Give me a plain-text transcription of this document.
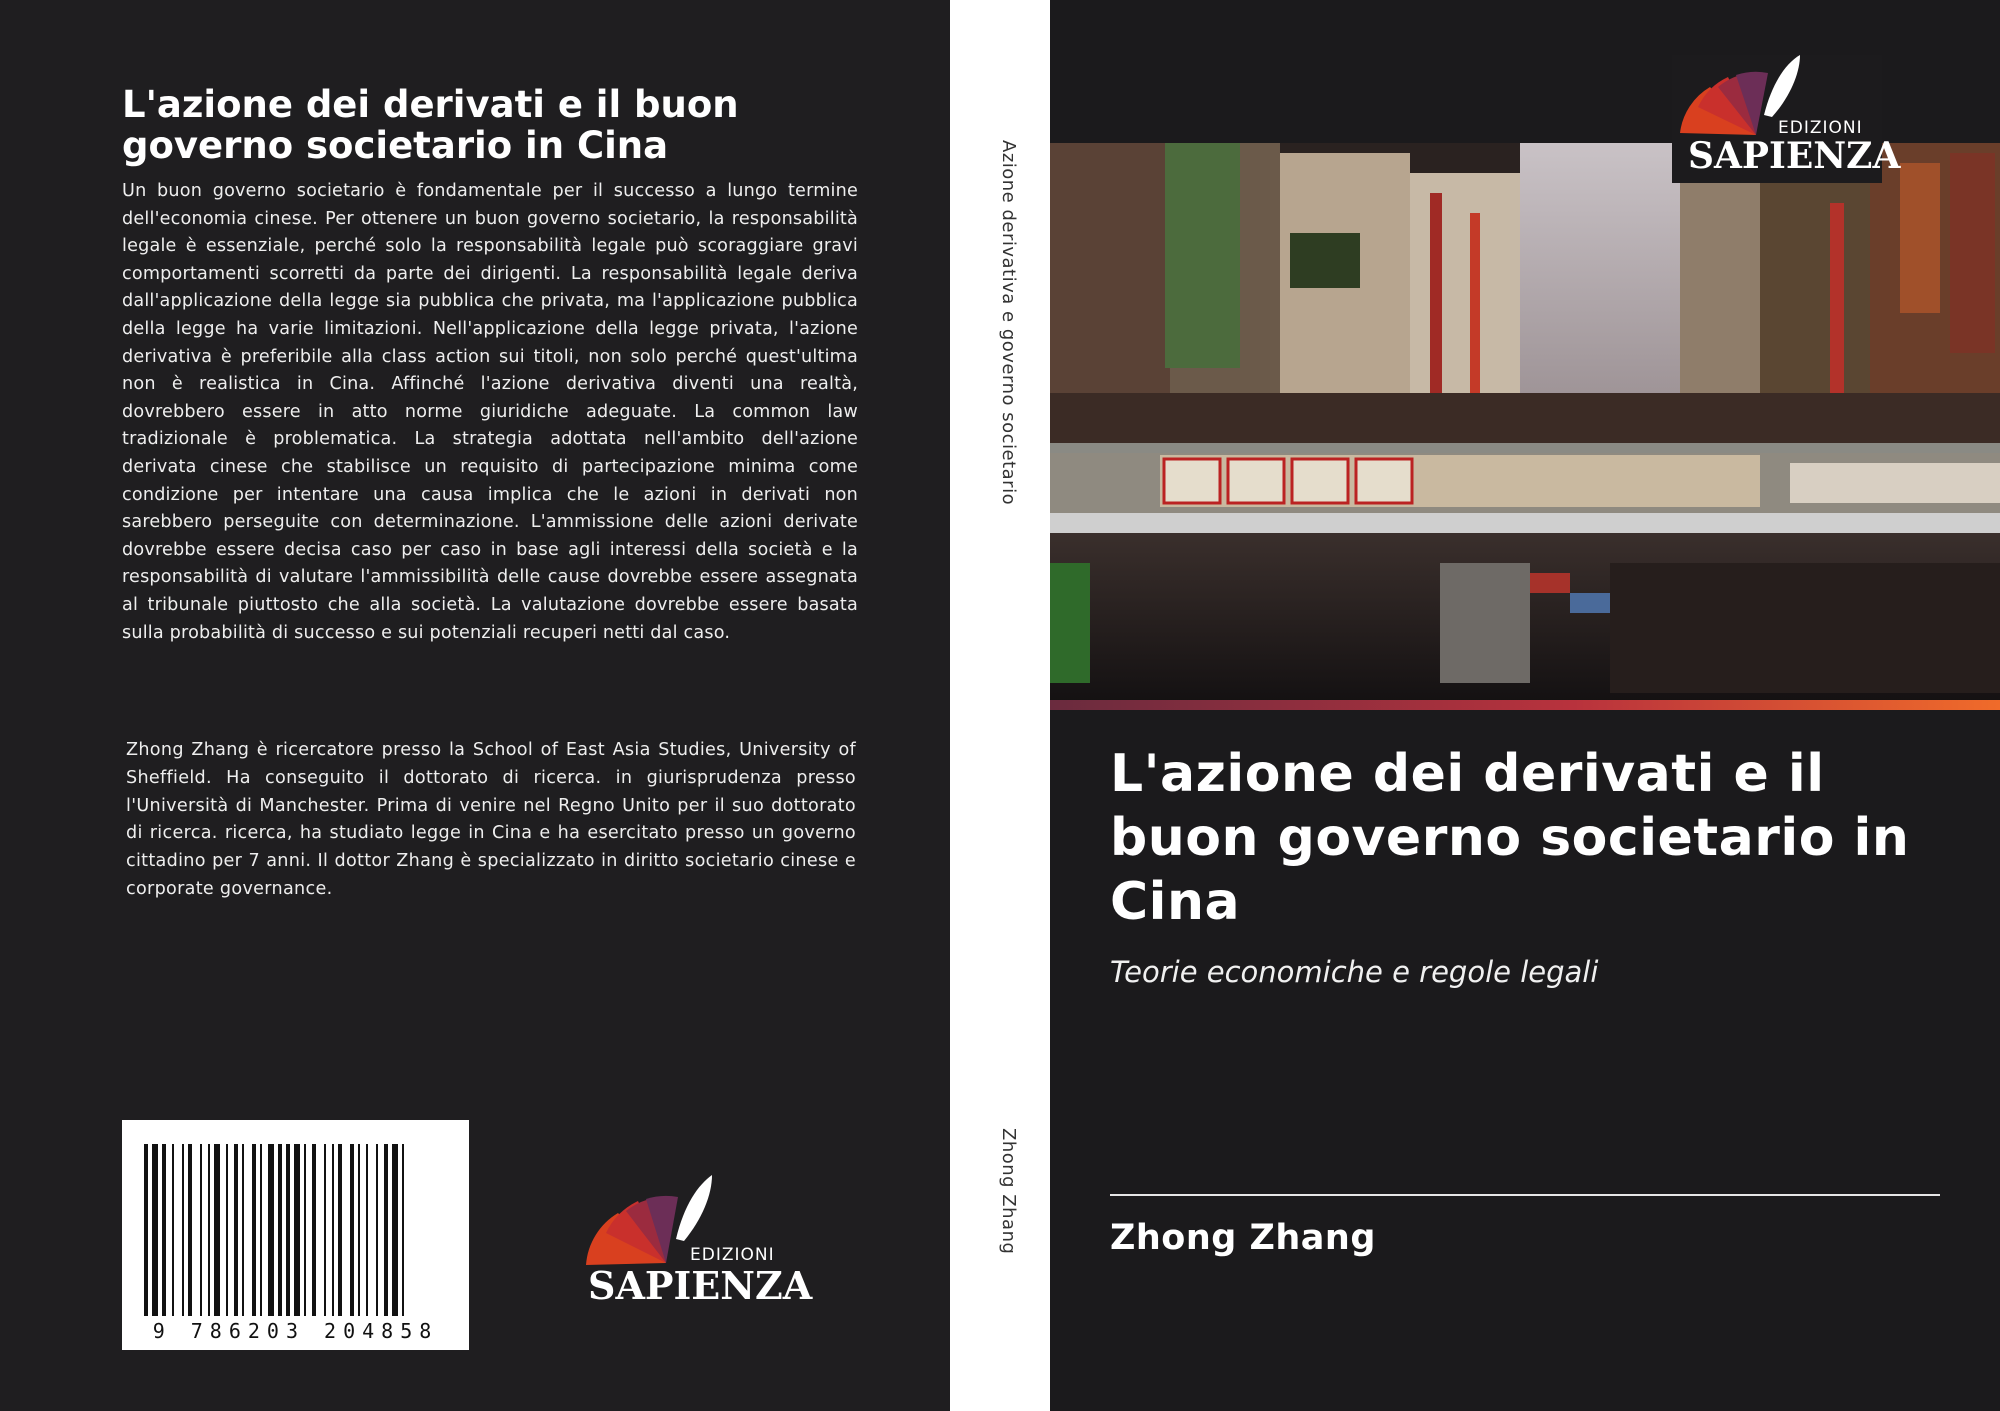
L'azione dei derivati e il buon governo societario in Cina

Un buon governo societario è fondamentale per il successo a lungo termine dell'economia cinese. Per ottenere un buon governo societario, la responsabilità legale è essenziale, perché solo la responsabilità legale può scoraggiare gravi comportamenti scorretti da parte dei dirigenti. La responsabilità legale deriva dall'applicazione della legge sia pubblica che privata, ma l'applicazione pubblica della legge ha varie limitazioni. Nell'applicazione della legge privata, l'azione derivativa è preferibile alla class action sui titoli, non solo perché quest'ultima non è realistica in Cina. Affinché l'azione derivativa diventi una realtà, dovrebbero essere in atto norme giuridiche adeguate. La common law tradizionale è problematica. La strategia adottata nell'ambito dell'azione derivata cinese che stabilisce un requisito di partecipazione minima come condizione per intentare una causa implica che le azioni in derivati non sarebbero perseguite con determinazione. L'ammissione delle azioni derivate dovrebbe essere decisa caso per caso in base agli interessi della società e la responsabilità di valutare l'ammissibilità delle cause dovrebbe essere assegnata al tribunale piuttosto che alla società. La valutazione dovrebbe essere basata sulla probabilità di successo e sui potenziali recuperi netti dal caso.

Zhong Zhang è ricercatore presso la School of East Asia Studies, University of Sheffield. Ha conseguito il dottorato di ricerca. in giurisprudenza presso l'Università di Manchester. Prima di venire nel Regno Unito per il suo dottorato di ricerca. ricerca, ha studiato legge in Cina e ha esercitato presso un governo cittadino per 7 anni. Il dottor Zhang è specializzato in diritto societario cinese e corporate governance.

9 786203 204858
EDIZIONI
SAPIENZA
Azione derivativa e governo societario
Zhong Zhang
EDIZIONI
SAPIENZA
L'azione dei derivati e il buon governo societario in Cina

Teorie economiche e regole legali

Zhong Zhang
